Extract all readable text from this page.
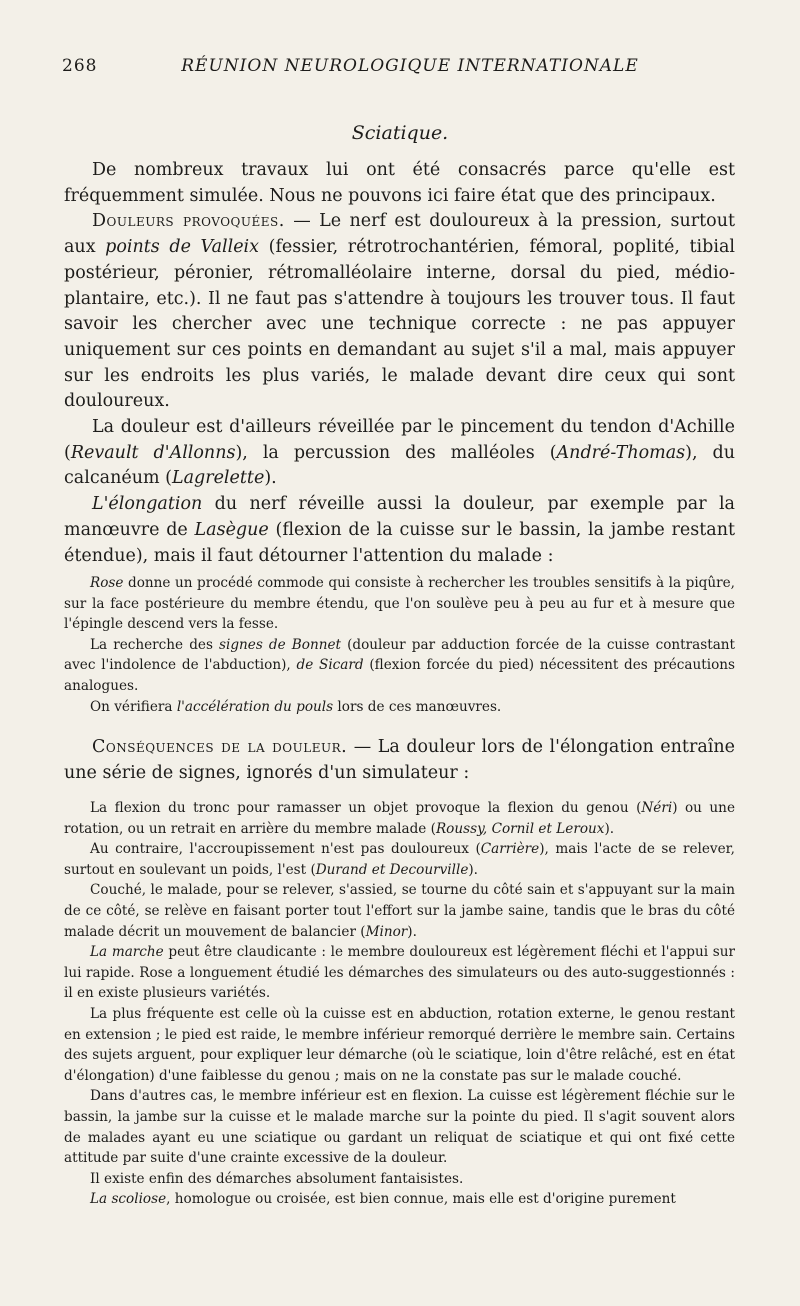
268	RÉUNION NEUROLOGIQUE INTERNATIONALE
Sciatique.

De nombreux travaux lui ont été consacrés parce qu'elle est fréquemment simulée. Nous ne pouvons ici faire état que des principaux.

Douleurs provoquées. — Le nerf est douloureux à la pression, surtout aux points de Valleix (fessier, rétrotrochantérien, fémoral, poplité, tibial postérieur, péronier, rétromalléolaire interne, dorsal du pied, médio-plantaire, etc.). Il ne faut pas s'attendre à toujours les trouver tous. Il faut savoir les chercher avec une technique correcte : ne pas appuyer uniquement sur ces points en demandant au sujet s'il a mal, mais appuyer sur les endroits les plus variés, le malade devant dire ceux qui sont douloureux.

La douleur est d'ailleurs réveillée par le pincement du tendon d'Achille (Revault d'Allonns), la percussion des malléoles (André-Thomas), du calcanéum (Lagrelette).

L'élongation du nerf réveille aussi la douleur, par exemple par la manœuvre de Lasègue (flexion de la cuisse sur le bassin, la jambe restant étendue), mais il faut détourner l'attention du malade :

Rose donne un procédé commode qui consiste à rechercher les troubles sensitifs à la piqûre, sur la face postérieure du membre étendu, que l'on soulève peu à peu au fur et à mesure que l'épingle descend vers la fesse.

La recherche des signes de Bonnet (douleur par adduction forcée de la cuisse contrastant avec l'indolence de l'abduction), de Sicard (flexion forcée du pied) nécessitent des précautions analogues.

On vérifiera l'accélération du pouls lors de ces manœuvres.

Conséquences de la douleur. — La douleur lors de l'élongation entraîne une série de signes, ignorés d'un simulateur :

La flexion du tronc pour ramasser un objet provoque la flexion du genou (Néri) ou une rotation, ou un retrait en arrière du membre malade (Roussy, Cornil et Leroux).

Au contraire, l'accroupissement n'est pas douloureux (Carrière), mais l'acte de se relever, surtout en soulevant un poids, l'est (Durand et Decourville).

Couché, le malade, pour se relever, s'assied, se tourne du côté sain et s'appuyant sur la main de ce côté, se relève en faisant porter tout l'effort sur la jambe saine, tandis que le bras du côté malade décrit un mouvement de balancier (Minor).

La marche peut être claudicante : le membre douloureux est légèrement fléchi et l'appui sur lui rapide. Rose a longuement étudié les démarches des simulateurs ou des auto-suggestionnés : il en existe plusieurs variétés.

La plus fréquente est celle où la cuisse est en abduction, rotation externe, le genou restant en extension ; le pied est raide, le membre inférieur remorqué derrière le membre sain. Certains des sujets arguent, pour expliquer leur démarche (où le sciatique, loin d'être relâché, est en état d'élongation) d'une faiblesse du genou ; mais on ne la constate pas sur le malade couché.

Dans d'autres cas, le membre inférieur est en flexion. La cuisse est légèrement fléchie sur le bassin, la jambe sur la cuisse et le malade marche sur la pointe du pied. Il s'agit souvent alors de malades ayant eu une sciatique ou gardant un reliquat de sciatique et qui ont fixé cette attitude par suite d'une crainte excessive de la douleur.

Il existe enfin des démarches absolument fantaisistes.

La scoliose, homologue ou croisée, est bien connue, mais elle est d'origine purement
